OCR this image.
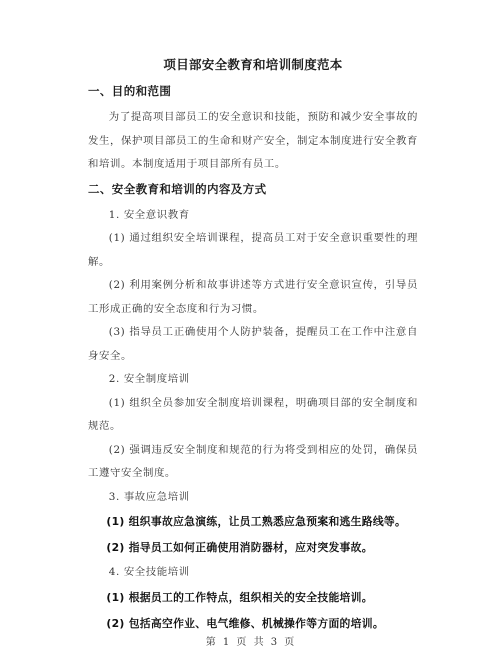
项目部安全教育和培训制度范本
一、目的和范围

为了提高项目部员工的安全意识和技能，预防和减少安全事故的发生，保护项目部员工的生命和财产安全，制定本制度进行安全教育和培训。本制度适用于项目部所有员工。

二、安全教育和培训的内容及方式

1. 安全意识教育

(1) 通过组织安全培训课程，提高员工对于安全意识重要性的理解。

(2) 利用案例分析和故事讲述等方式进行安全意识宣传，引导员工形成正确的安全态度和行为习惯。

(3) 指导员工正确使用个人防护装备，提醒员工在工作中注意自身安全。

2. 安全制度培训

(1) 组织全员参加安全制度培训课程，明确项目部的安全制度和规范。

(2) 强调违反安全制度和规范的行为将受到相应的处罚，确保员工遵守安全制度。

3. 事故应急培训

(1) 组织事故应急演练，让员工熟悉应急预案和逃生路线等。

(2) 指导员工如何正确使用消防器材，应对突发事故。

4. 安全技能培训

(1) 根据员工的工作特点，组织相关的安全技能培训。

(2) 包括高空作业、电气维修、机械操作等方面的培训。

第 1 页 共 3 页
